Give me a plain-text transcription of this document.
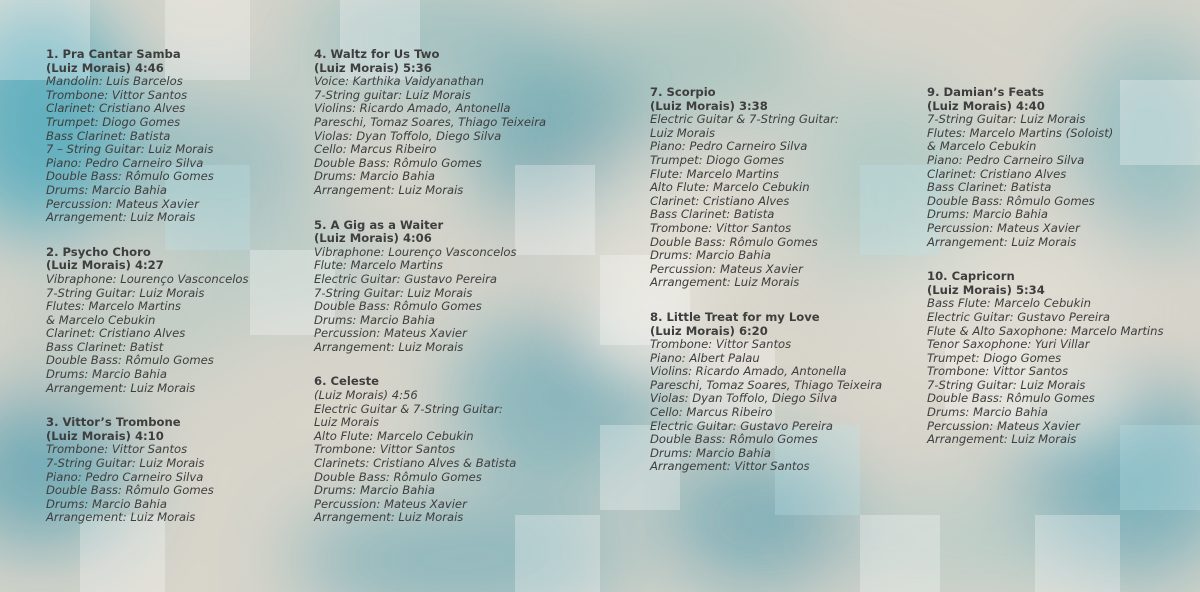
1. Pra Cantar Samba
(Luiz Morais) 4:46
Mandolin: Luis Barcelos
Trombone: Vittor Santos
Clarinet: Cristiano Alves
Trumpet: Diogo Gomes
Bass Clarinet: Batista
7 – String Guitar: Luiz Morais
Piano: Pedro Carneiro Silva
Double Bass: Rômulo Gomes
Drums: Marcio Bahia
Percussion: Mateus Xavier
Arrangement: Luiz Morais
2. Psycho Choro
(Luiz Morais) 4:27
Vibraphone: Lourenço Vasconcelos
7-String Guitar: Luiz Morais
Flutes: Marcelo Martins
& Marcelo Cebukin
Clarinet: Cristiano Alves
Bass Clarinet: Batist
Double Bass: Rômulo Gomes
Drums: Marcio Bahia
Arrangement: Luiz Morais
3. Vittor’s Trombone
(Luiz Morais) 4:10
Trombone: Vittor Santos
7-String Guitar: Luiz Morais
Piano: Pedro Carneiro Silva
Double Bass: Rômulo Gomes
Drums: Marcio Bahia
Arrangement: Luiz Morais
4. Waltz for Us Two
(Luiz Morais) 5:36
Voice: Karthika Vaidyanathan
7-String guitar: Luiz Morais
Violins: Ricardo Amado, Antonella
Pareschi, Tomaz Soares, Thiago Teixeira
Violas: Dyan Toffolo, Diego Silva
Cello: Marcus Ribeiro
Double Bass: Rômulo Gomes
Drums: Marcio Bahia
Arrangement: Luiz Morais
5. A Gig as a Waiter
(Luiz Morais) 4:06
Vibraphone: Lourenço Vasconcelos
Flute: Marcelo Martins
Electric Guitar: Gustavo Pereira
7-String Guitar: Luiz Morais
Double Bass: Rômulo Gomes
Drums: Marcio Bahia
Percussion: Mateus Xavier
Arrangement: Luiz Morais
6. Celeste
(Luiz Morais) 4:56
Electric Guitar & 7-String Guitar:
Luiz Morais
Alto Flute: Marcelo Cebukin
Trombone: Vittor Santos
Clarinets: Cristiano Alves & Batista
Double Bass: Rômulo Gomes
Drums: Marcio Bahia
Percussion: Mateus Xavier
Arrangement: Luiz Morais
7. Scorpio
(Luiz Morais) 3:38
Electric Guitar & 7-String Guitar:
Luiz Morais
Piano: Pedro Carneiro Silva
Trumpet: Diogo Gomes
Flute: Marcelo Martins
Alto Flute: Marcelo Cebukin
Clarinet: Cristiano Alves
Bass Clarinet: Batista
Trombone: Vittor Santos
Double Bass: Rômulo Gomes
Drums: Marcio Bahia
Percussion: Mateus Xavier
Arrangement: Luiz Morais
8. Little Treat for my Love
(Luiz Morais) 6:20
Trombone: Vittor Santos
Piano: Albert Palau
Violins: Ricardo Amado, Antonella
Pareschi, Tomaz Soares, Thiago Teixeira
Violas: Dyan Toffolo, Diego Silva
Cello: Marcus Ribeiro
Electric Guitar: Gustavo Pereira
Double Bass: Rômulo Gomes
Drums: Marcio Bahia
Arrangement: Vittor Santos
9. Damian’s Feats
(Luiz Morais) 4:40
7-String Guitar: Luiz Morais
Flutes: Marcelo Martins (Soloist)
& Marcelo Cebukin
Piano: Pedro Carneiro Silva
Clarinet: Cristiano Alves
Bass Clarinet: Batista
Double Bass: Rômulo Gomes
Drums: Marcio Bahia
Percussion: Mateus Xavier
Arrangement: Luiz Morais
10. Capricorn
(Luiz Morais) 5:34
Bass Flute: Marcelo Cebukin
Electric Guitar: Gustavo Pereira
Flute & Alto Saxophone: Marcelo Martins
Tenor Saxophone: Yuri Villar
Trumpet: Diogo Gomes
Trombone: Vittor Santos
7-String Guitar: Luiz Morais
Double Bass: Rômulo Gomes
Drums: Marcio Bahia
Percussion: Mateus Xavier
Arrangement: Luiz Morais
